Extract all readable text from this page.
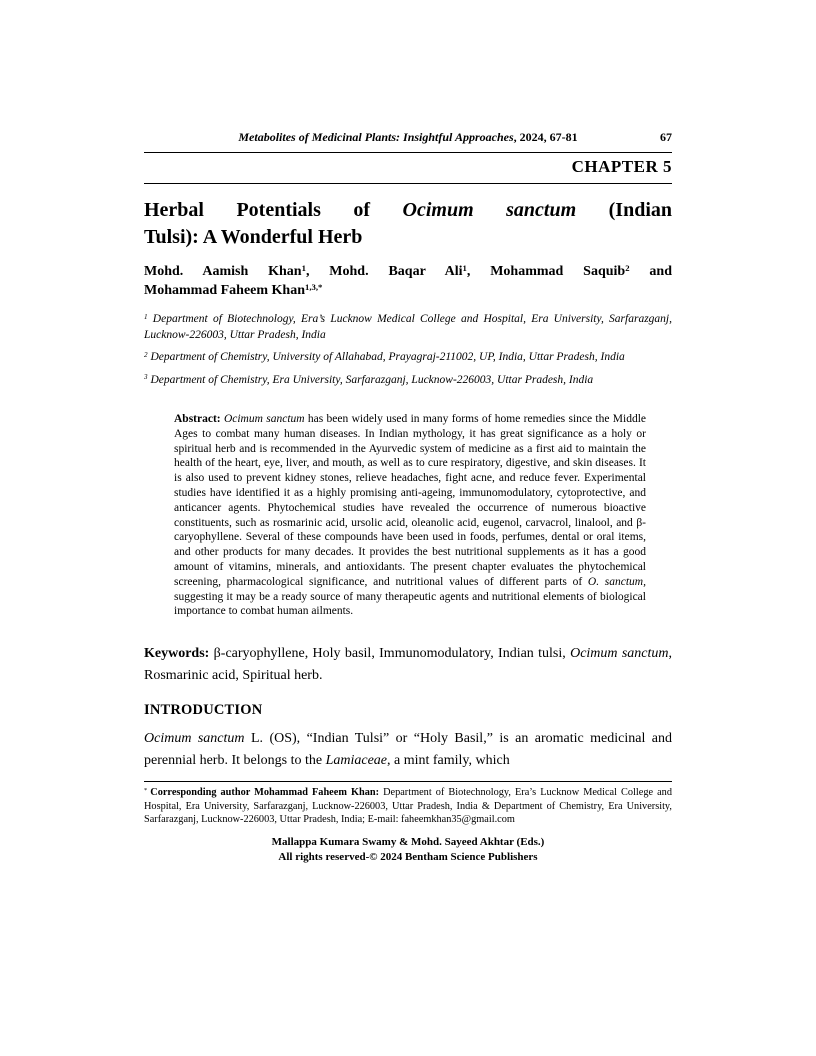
Metabolites of Medicinal Plants: Insightful Approaches, 2024, 67-81	67
CHAPTER 5
Herbal Potentials of Ocimum sanctum (Indian
Tulsi): A Wonderful Herb
Mohd. Aamish Khan$^1$, Mohd. Baqar Ali$^1$, Mohammad Saquib$^2$ and
Mohammad Faheem Khan$^{1,3,*}$

$^1$ Department of Biotechnology, Era’s Lucknow Medical College and Hospital, Era University, Sarfarazganj, Lucknow-226003, Uttar Pradesh, India

$^2$ Department of Chemistry, University of Allahabad, Prayagraj-211002, UP, India, Uttar Pradesh, India

$^3$ Department of Chemistry, Era University, Sarfarazganj, Lucknow-226003, Uttar Pradesh, India

Abstract: Ocimum sanctum has been widely used in many forms of home remedies since the Middle Ages to combat many human diseases. In Indian mythology, it has great significance as a holy or spiritual herb and is recommended in the Ayurvedic system of medicine as a first aid to maintain the health of the heart, eye, liver, and mouth, as well as to cure respiratory, digestive, and skin diseases. It is also used to prevent kidney stones, relieve headaches, fight acne, and reduce fever. Experimental studies have identified it as a highly promising anti-ageing, immunomodulatory, cytoprotective, and anticancer agents. Phytochemical studies have revealed the occurrence of numerous bioactive constituents, such as rosmarinic acid, ursolic acid, oleanolic acid, eugenol, carvacrol, linalool, and β-caryophyllene. Several of these compounds have been used in foods, perfumes, dental or oral items, and other products for many decades. It provides the best nutritional supplements as it has a good amount of vitamins, minerals, and antioxidants. The present chapter evaluates the phytochemical screening, pharmacological significance, and nutritional values of different parts of O. sanctum, suggesting it may be a ready source of many therapeutic agents and nutritional elements of biological importance to combat human ailments.

Keywords: β-caryophyllene, Holy basil, Immunomodulatory, Indian tulsi, Ocimum sanctum, Rosmarinic acid, Spiritual herb.

INTRODUCTION

Ocimum sanctum L. (OS), “Indian Tulsi” or “Holy Basil,” is an aromatic medicinal and perennial herb. It belongs to the Lamiaceae, a mint family, which

* Corresponding author Mohammad Faheem Khan: Department of Biotechnology, Era’s Lucknow Medical College and Hospital, Era University, Sarfarazganj, Lucknow-226003, Uttar Pradesh, India & Department of Chemistry, Era University, Sarfarazganj, Lucknow-226003, Uttar Pradesh, India; E-mail: faheemkhan35@gmail.com

Mallappa Kumara Swamy & Mohd. Sayeed Akhtar (Eds.)
All rights reserved-© 2024 Bentham Science Publishers
